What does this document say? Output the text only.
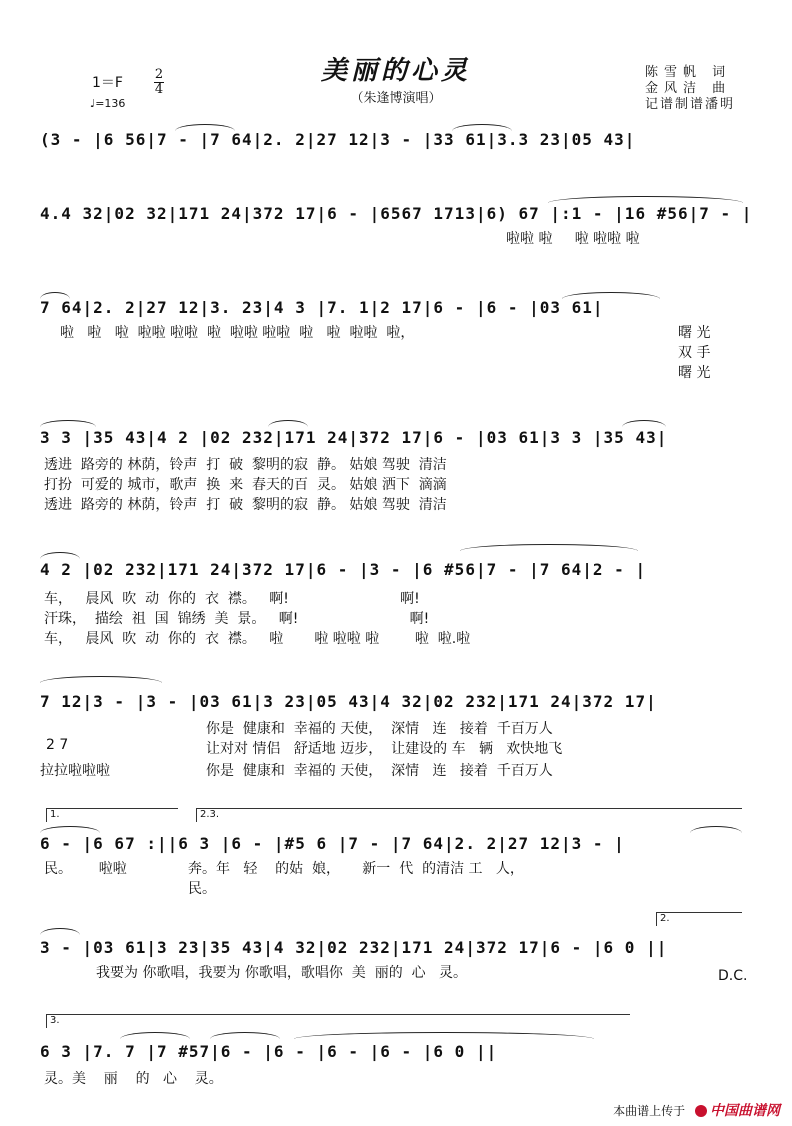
美丽的心灵
（朱逢博演唱）
1＝F
2
4
♩=136
陈雪帆 词
金风洁 曲
记谱制谱潘明
(3 - |6 56|7 - |7 64|2. 2|27 12|3 - |33 61|3.3 23|05 43|
4.4 32|02 32|171 24|372 17|6 - |6567 1713|6) 67 |:1 - |16 #56|7 - |
啦啦 啦     啦 啦啦 啦
7 64|2. 2|27 12|3. 23|4 3 |7. 1|2 17|6 - |6 - |03 61|
啦   啦   啦  啦啦 啦啦  啦  啦啦 啦啦  啦   啦  啦啦  啦，	曙 光
双 手
曙 光
3 3 |35 43|4 2 |02 232|171 24|372 17|6 - |03 61|3 3 |35 43|
透进  路旁的 林荫，铃声  打  破  黎明的寂  静。 姑娘 驾驶  清洁
打扮  可爱的 城市，歌声  换  来  春天的百  灵。 姑娘 洒下  滴滴
透进  路旁的 林荫，铃声  打  破  黎明的寂  静。 姑娘 驾驶  清洁
4 2 |02 232|171 24|372 17|6 - |3 - |6 #56|7 - |7 64|2 - |
车，   晨风  吹  动  你的  衣  襟。   啊!                         啊!
汗珠，  描绘  祖  国  锦绣  美  景。   啊!                         啊!
车，   晨风  吹  动  你的  衣  襟。   啦       啦 啦啦 啦        啦  啦.啦
7 12|3 - |3 - |03 61|3 23|05 43|4 32|02 232|171 24|372 17|
你是  健康和  幸福的 天使，  深情   连   接着  千百万人
2 7	让对对 情侣   舒适地 迈步，  让建设的 车   辆   欢快地飞
拉拉啦啦啦	你是  健康和  幸福的 天使，  深情   连   接着  千百万人
1.	2.3.
6 - |6 67 :||6 3 |6 - |#5 6 |7 - |7 64|2. 2|27 12|3 - |
民。      啦啦	奔。年   轻    的姑  娘，     新一  代  的清洁 工   人，
民。
2.
3 - |03 61|3 23|35 43|4 32|02 232|171 24|372 17|6 - |6 0 ||
我要为 你歌唱，我要为 你歌唱，歌唱你  美  丽的  心   灵。	D.C.
3.
6 3 |7. 7 |7 #57|6 - |6 - |6 - |6 - |6 0 ||
灵。美    丽    的   心    灵。
本曲谱上传于 中国曲谱网
